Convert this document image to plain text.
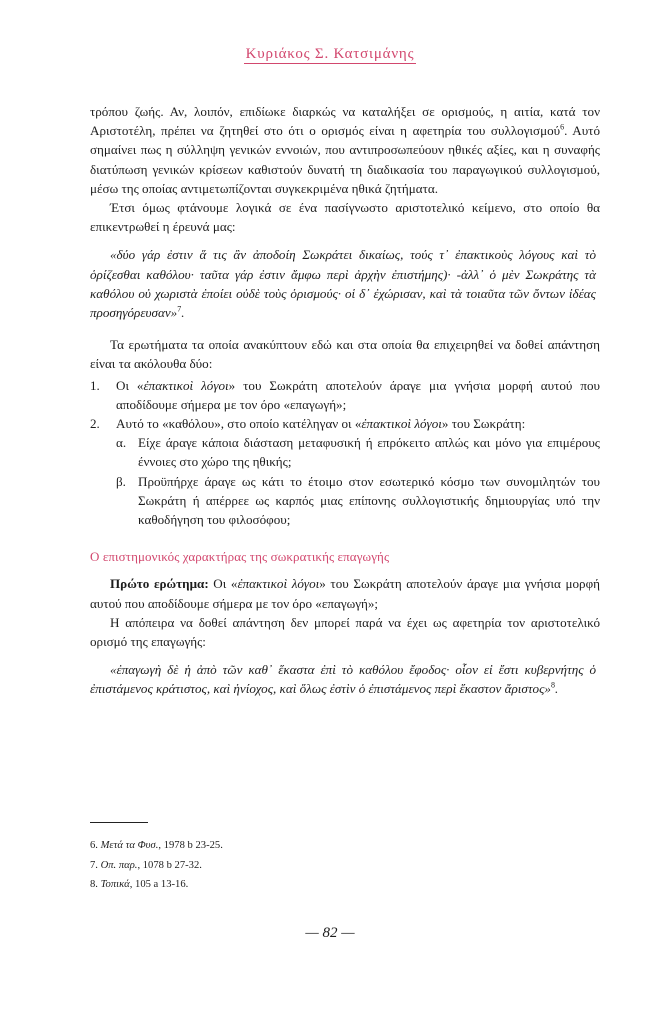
Κυριάκος Σ. Κατσιμάνης

τρόπου ζωής. Αν, λοιπόν, επιδίωκε διαρκώς να καταλήξει σε ορισμούς, η αιτία, κατά τον Αριστοτέλη, πρέπει να ζητηθεί στο ότι ο ορισμός είναι η αφετηρία του συλλογισμού$^6$. Αυτό σημαίνει πως η σύλληψη γενικών εννοιών, που αντιπροσωπεύουν ηθικές αξίες, και η συναφής διατύπωση γενικών κρίσεων καθιστούν δυνατή τη διαδικασία του παραγωγικού συλλογισμού, μέσω της οποίας αντιμετωπίζονται συγκεκριμένα ηθικά ζητήματα.

Έτσι όμως φτάνουμε λογικά σε ένα πασίγνωστο αριστοτελικό κείμενο, στο οποίο θα επικεντρωθεί η έρευνά μας:

«δύο γάρ ἐστιν ἅ τις ἂν ἀποδοίη Σωκράτει δικαίως, τούς τ᾽ ἐπακτικοὺς λόγους καὶ τὸ ὁρίζεσθαι καθόλου· ταῦτα γάρ ἐστιν ἄμφω περὶ ἀρχὴν ἐπιστήμης)· -ἀλλ᾽ ὁ μὲν Σωκράτης τὰ καθόλου οὐ χωριστὰ ἐποίει οὐδὲ τοὺς ὁρισμούς· οἱ δ᾽ ἐχώρισαν, καὶ τὰ τοιαῦτα τῶν ὄντων ἰδέας προσηγόρευσαν»$^7$.

Τα ερωτήματα τα οποία ανακύπτουν εδώ και στα οποία θα επιχειρηθεί να δοθεί απάντηση είναι τα ακόλουθα δύο:

1. Οι «ἐπακτικοὶ λόγοι» του Σωκράτη αποτελούν άραγε μια γνήσια μορφή αυτού που αποδίδουμε σήμερα με τον όρο «επαγωγή»;
2. Αυτό το «καθόλου», στο οποίο κατέληγαν οι «ἐπακτικοὶ λόγοι» του Σωκράτη:
α. Είχε άραγε κάποια διάσταση μεταφυσική ή επρόκειτο απλώς και μόνο για επιμέρους έννοιες στο χώρο της ηθικής;
β. Προϋπήρχε άραγε ως κάτι το έτοιμο στον εσωτερικό κόσμο των συνομιλητών του Σωκράτη ή απέρρεε ως καρπός μιας επίπονης συλλογιστικής δημιουργίας υπό την καθοδήγηση του φιλοσόφου;

Ο επιστημονικός χαρακτήρας της σωκρατικής επαγωγής

Πρώτο ερώτημα: Οι «ἐπακτικοὶ λόγοι» του Σωκράτη αποτελούν άραγε μια γνήσια μορφή αυτού που αποδίδουμε σήμερα με τον όρο «επαγωγή»;

Η απόπειρα να δοθεί απάντηση δεν μπορεί παρά να έχει ως αφετηρία τον αριστοτελικό ορισμό της επαγωγής:

«ἐπαγωγὴ δὲ ἡ ἀπὸ τῶν καθ᾽ ἕκαστα ἐπὶ τὸ καθόλου ἔφοδος· οἷον εἰ ἔστι κυβερνήτης ὁ ἐπιστάμενος κράτιστος, καὶ ἡνίοχος, καὶ ὅλως ἐστὶν ὁ ἐπιστάμενος περὶ ἕκαστον ἄριστος»$^8$.

6. Μετά τα Φυσ., 1978 b 23-25.
7. Οπ. παρ., 1078 b 27-32.
8. Τοπικά, 105 a 13-16.
— 82 —
